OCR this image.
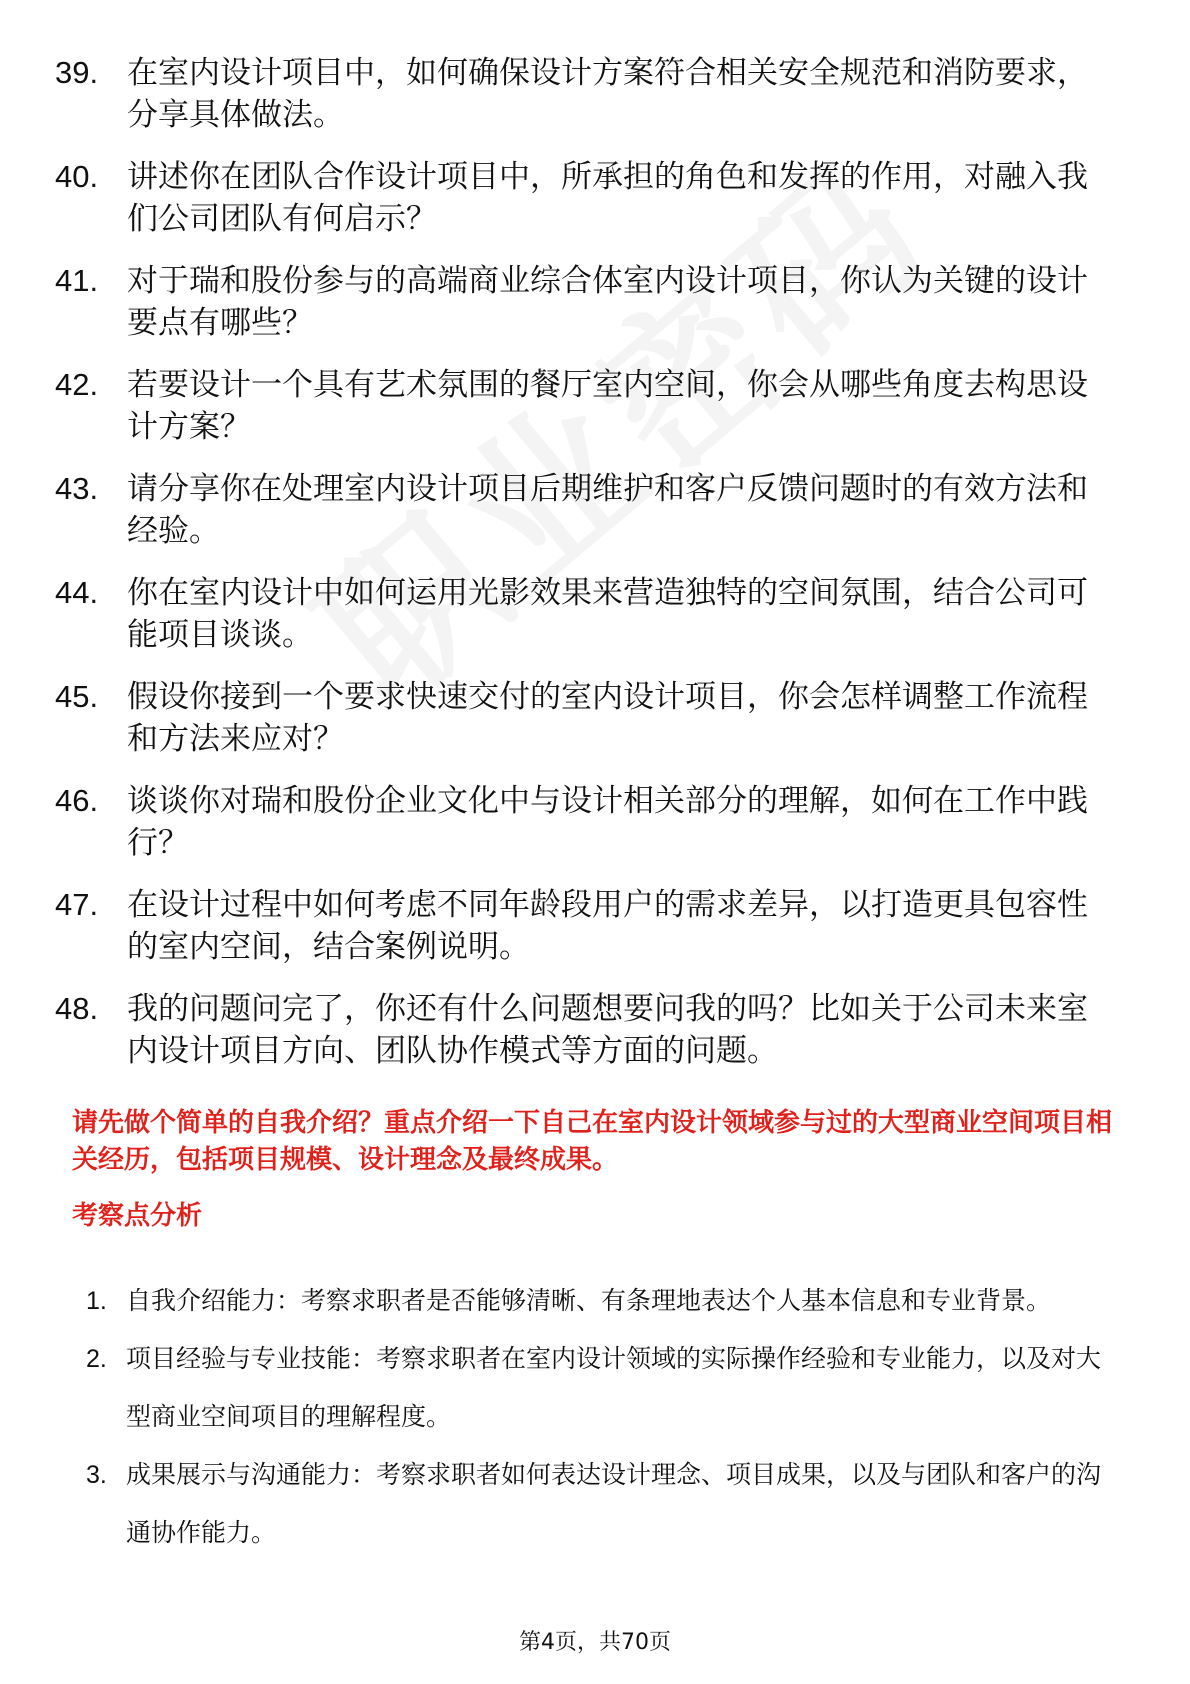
39. 在室内设计项目中，如何确保设计方案符合相关安全规范和消防要求，分享具体做法。
40. 讲述你在团队合作设计项目中，所承担的角色和发挥的作用，对融入我们公司团队有何启示？
41. 对于瑞和股份参与的高端商业综合体室内设计项目，你认为关键的设计要点有哪些？
42. 若要设计一个具有艺术氛围的餐厅室内空间，你会从哪些角度去构思设计方案？
43. 请分享你在处理室内设计项目后期维护和客户反馈问题时的有效方法和经验。
44. 你在室内设计中如何运用光影效果来营造独特的空间氛围，结合公司可能项目谈谈。
45. 假设你接到一个要求快速交付的室内设计项目，你会怎样调整工作流程和方法来应对？
46. 谈谈你对瑞和股份企业文化中与设计相关部分的理解，如何在工作中践行？
47. 在设计过程中如何考虑不同年龄段用户的需求差异，以打造更具包容性的室内空间，结合案例说明。
48. 我的问题问完了，你还有什么问题想要问我的吗？比如关于公司未来室内设计项目方向、团队协作模式等方面的问题。

请先做个简单的自我介绍？重点介绍一下自己在室内设计领域参与过的大型商业空间项目相关经历，包括项目规模、设计理念及最终成果。

考察点分析
1. 自我介绍能力：考察求职者是否能够清晰、有条理地表达个人基本信息和专业背景。
2. 项目经验与专业技能：考察求职者在室内设计领域的实际操作经验和专业能力，以及对大型商业空间项目的理解程度。
3. 成果展示与沟通能力：考察求职者如何表达设计理念、项目成果，以及与团队和客户的沟通协作能力。
第4页，共70页
